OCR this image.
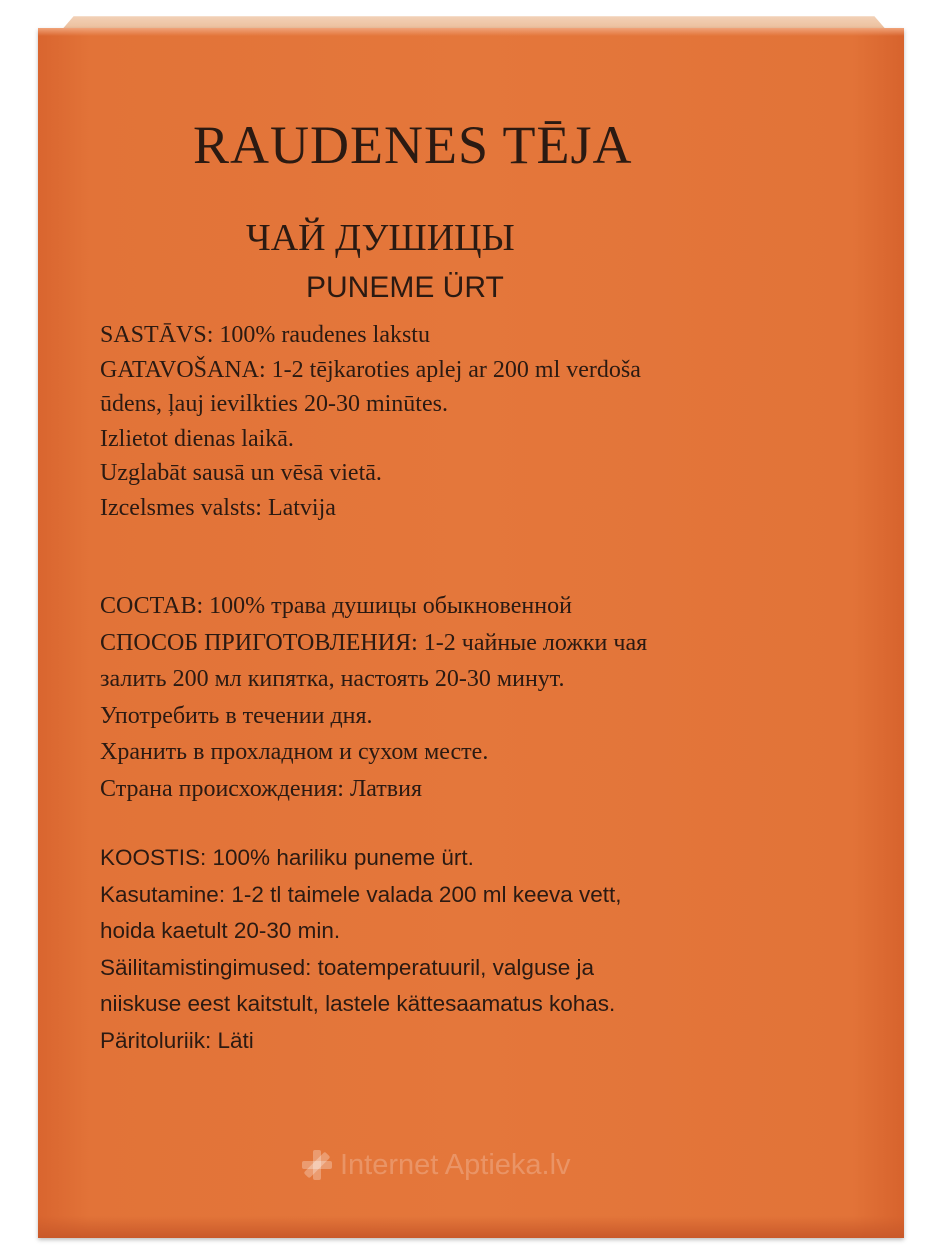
RAUDENES TĒJA
ЧАЙ ДУШИЦЫ
PUNEME ÜRT
SASTĀVS: 100% raudenes lakstu
GATAVOŠANA: 1-2 tējkaroties aplej ar 200 ml verdoša
ūdens, ļauj ievilkties 20-30 minūtes.
Izlietot dienas laikā.
Uzglabāt sausā un vēsā vietā.
Izcelsmes valsts: Latvija
СОСТАВ: 100% трава душицы обыкновенной
СПОСОБ ПРИГОТОВЛЕНИЯ: 1-2 чайные ложки чая
залить 200 мл кипятка, настоять 20-30 минут.
Употребить в течении дня.
Хранить в прохладном и сухом месте.
Страна происхождения: Латвия
KOOSTIS: 100% hariliku puneme ürt.
Kasutamine: 1-2 tl taimele valada 200 ml keeva vett,
hoida kaetult 20-30 min.
Säilitamistingimused: toatemperatuuril, valguse ja
niiskuse eest kaitstult, lastele kättesaamatus kohas.
Päritoluriik: Läti
Internet Aptieka.lv
